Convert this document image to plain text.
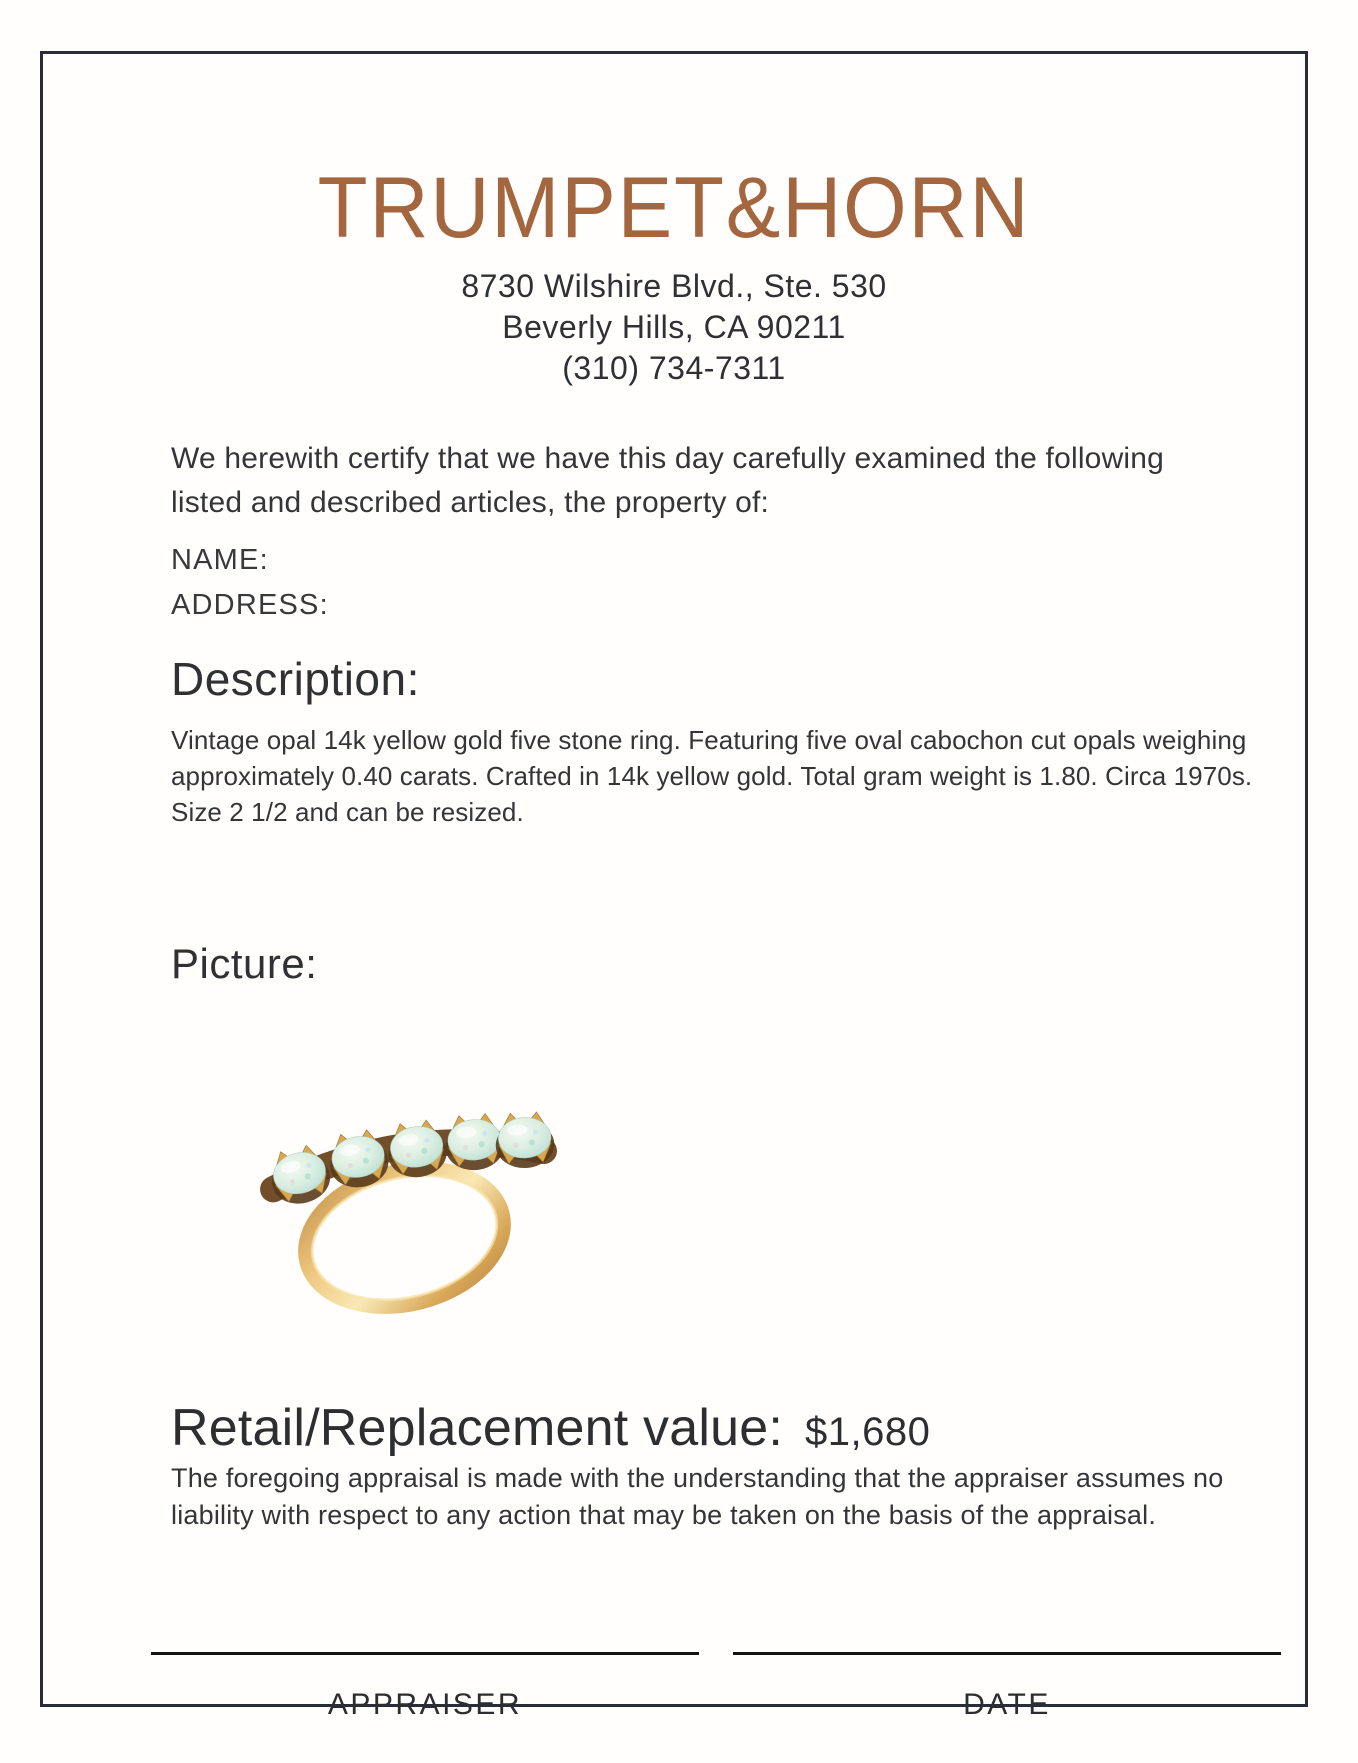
TRUMPET&HORN
8730 Wilshire Blvd., Ste. 530
Beverly Hills, CA 90211
(310) 734-7311
We herewith certify that we have this day carefully examined the following
listed and described articles, the property of:
NAME:
ADDRESS:
Description:
Vintage opal 14k yellow gold five stone ring. Featuring five oval cabochon cut opals weighing
approximately 0.40 carats. Crafted in 14k yellow gold. Total gram weight is 1.80. Circa 1970s.
Size 2 1/2 and can be resized.
Picture:
Retail/Replacement value: $1,680
The foregoing appraisal is made with the understanding that the appraiser assumes no
liability with respect to any action that may be taken on the basis of the appraisal.
APPRAISER	DATE
